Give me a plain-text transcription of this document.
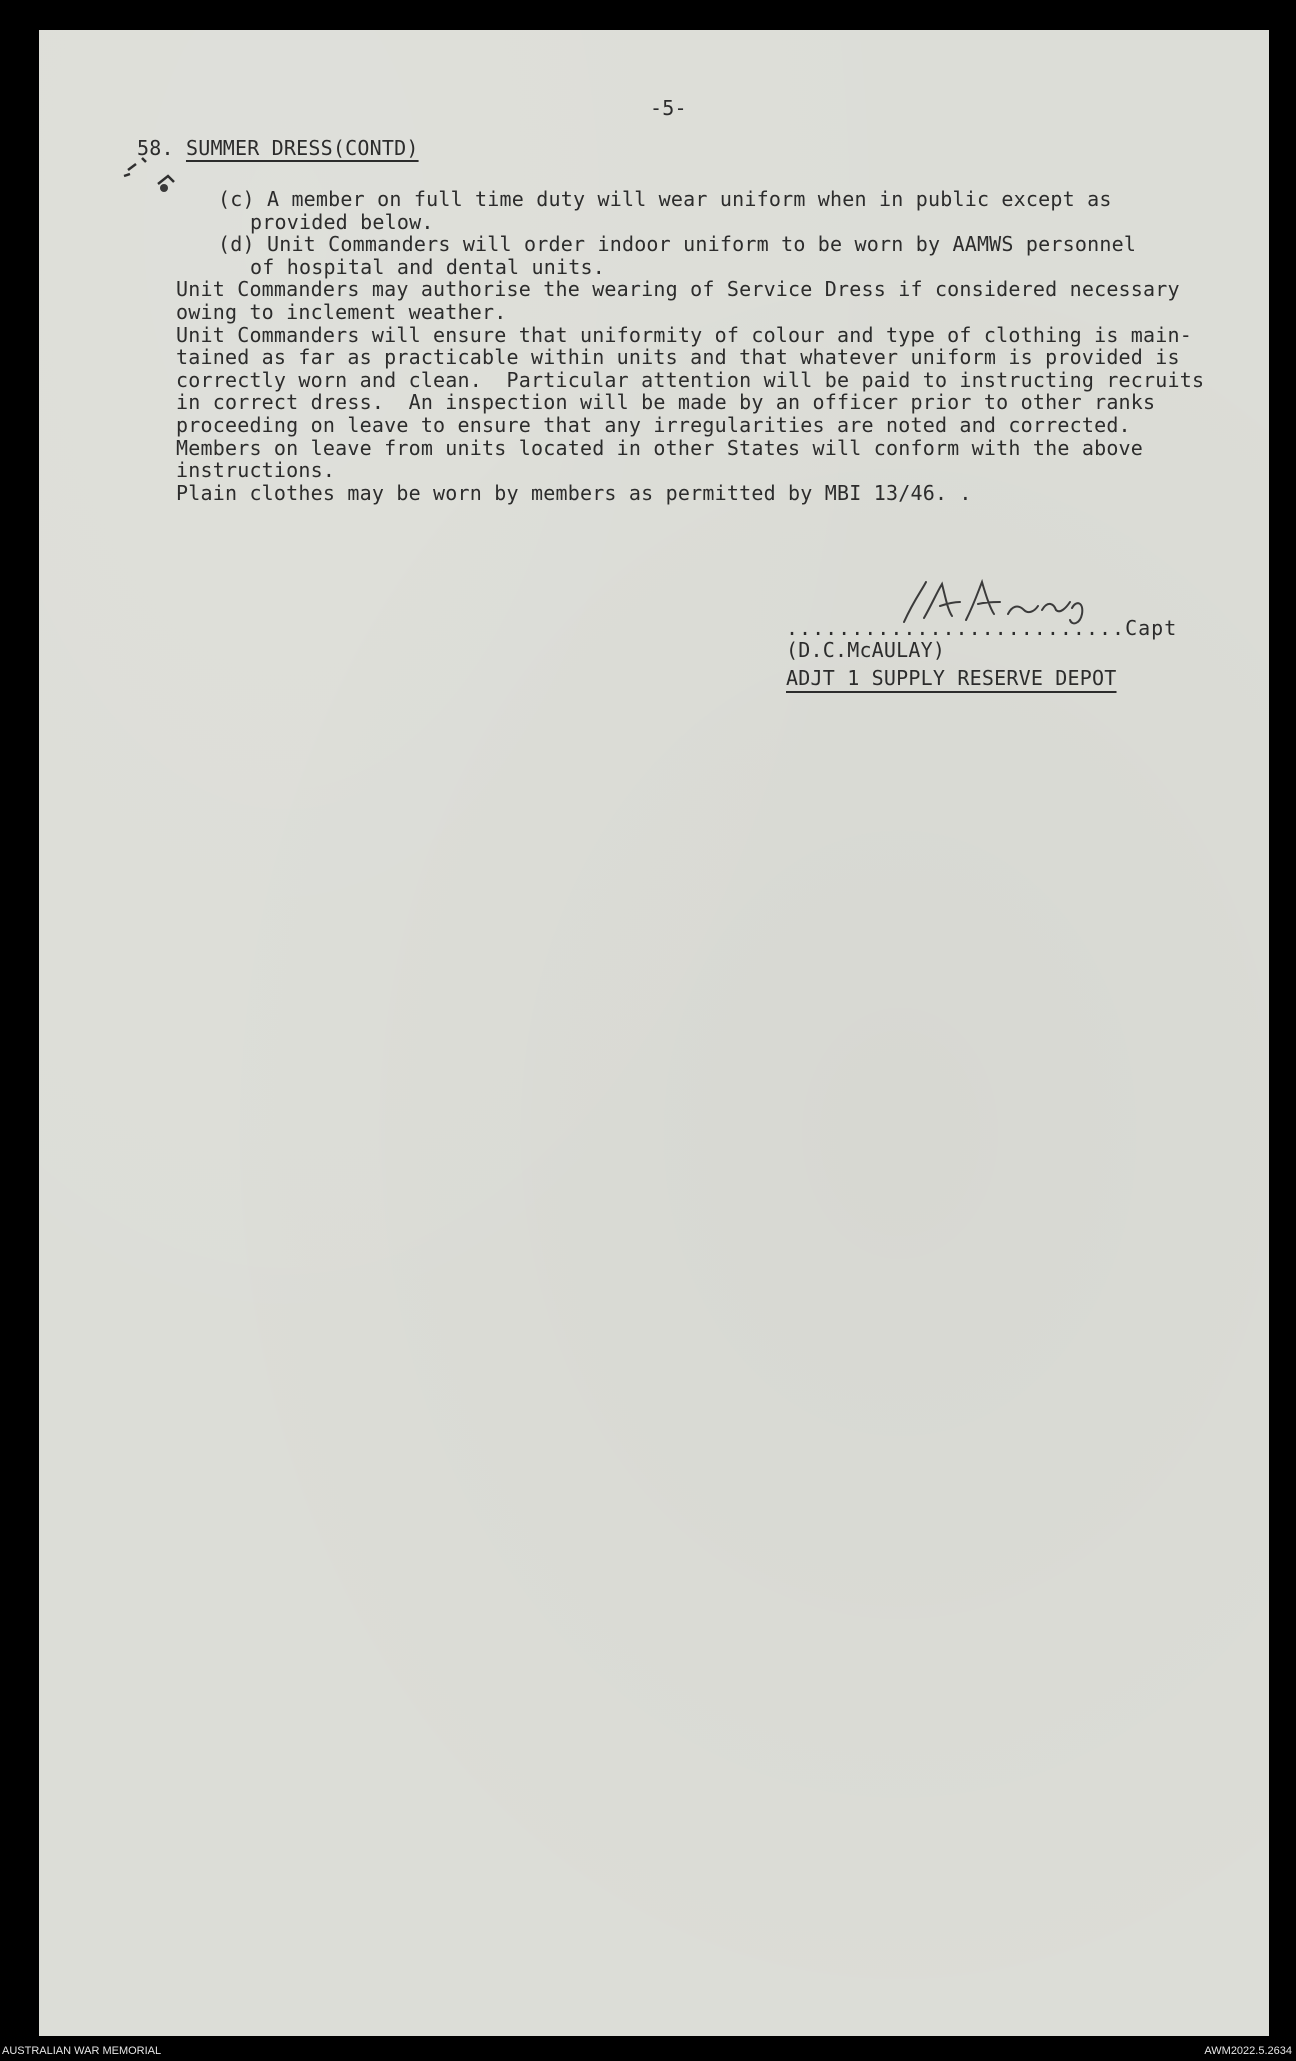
-5-
58. SUMMER DRESS(CONTD)
(c) A member on full time duty will wear uniform when in public except as
provided below.
(d) Unit Commanders will order indoor uniform to be worn by AAMWS personnel
of hospital and dental units.
Unit Commanders may authorise the wearing of Service Dress if considered necessary
owing to inclement weather.
Unit Commanders will ensure that uniformity of colour and type of clothing is main-
tained as far as practicable within units and that whatever uniform is provided is
correctly worn and clean.  Particular attention will be paid to instructing recruits
in correct dress.  An inspection will be made by an officer prior to other ranks
proceeding on leave to ensure that any irregularities are noted and corrected.
Members on leave from units located in other States will conform with the above
instructions.
Plain clothes may be worn by members as permitted by MBI 13/46. .
..........................Capt
(D.C.McAULAY)
ADJT 1 SUPPLY RESERVE DEPOT
AUSTRALIAN WAR MEMORIAL	AWM2022.5.2634
